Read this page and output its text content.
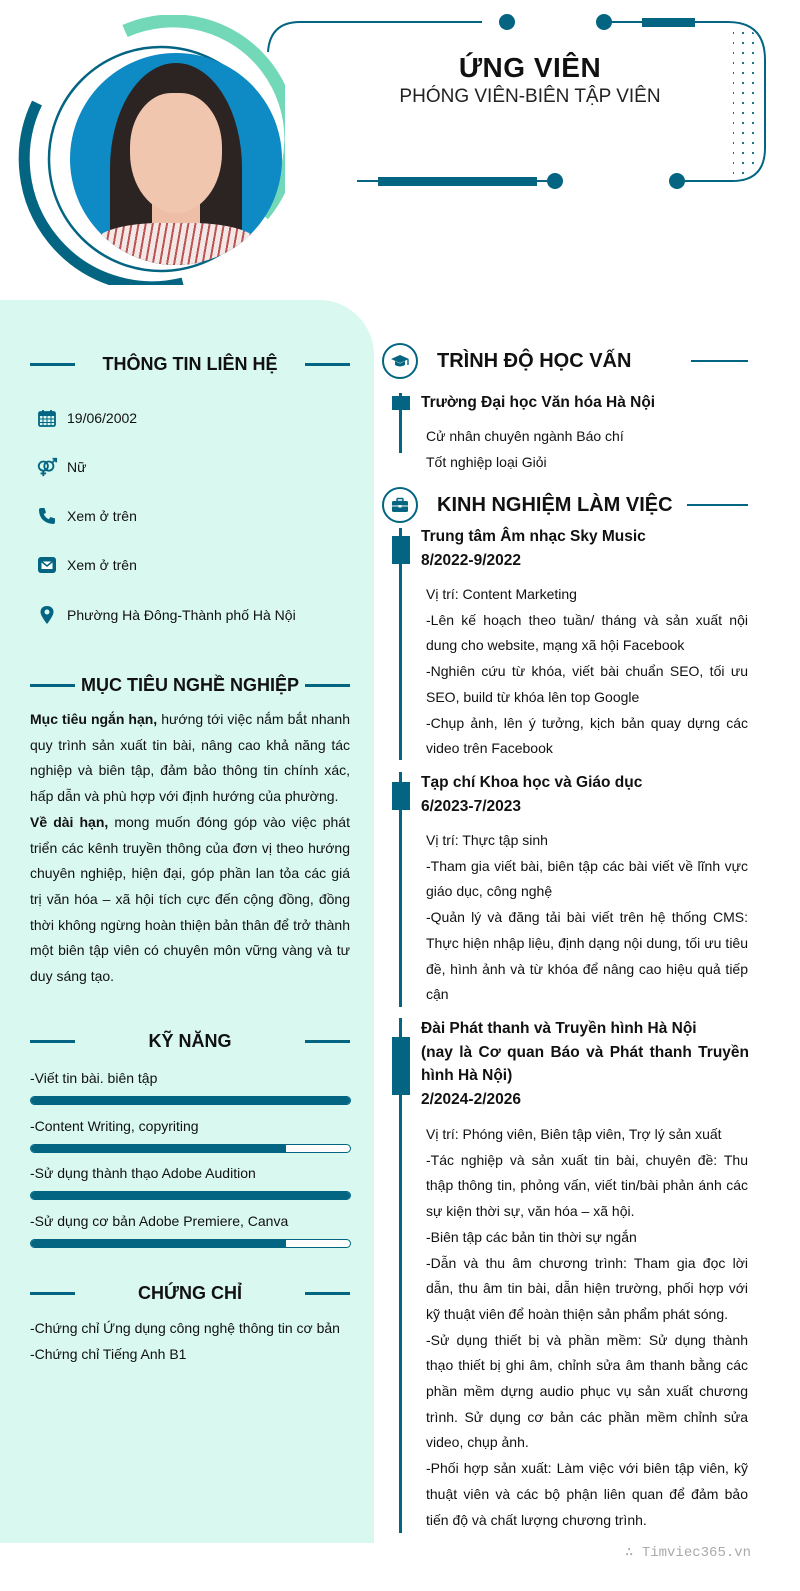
ỨNG VIÊN
PHÓNG VIÊN-BIÊN TẬP VIÊN
THÔNG TIN LIÊN HỆ
19/06/2002
Nữ
Xem ở trên
Xem ở trên
Phường Hà Đông-Thành phố Hà Nội
MỤC TIÊU NGHỀ NGHIỆP
Mục tiêu ngắn hạn, hướng tới việc nắm bắt nhanh quy trình sản xuất tin bài, nâng cao khả năng tác nghiệp và biên tập, đảm bảo thông tin chính xác, hấp dẫn và phù hợp với định hướng của phường.
Về dài hạn, mong muốn đóng góp vào việc phát triển các kênh truyền thông của đơn vị theo hướng chuyên nghiệp, hiện đại, góp phần lan tỏa các giá trị văn hóa – xã hội tích cực đến cộng đồng, đồng thời không ngừng hoàn thiện bản thân để trở thành một biên tập viên có chuyên môn vững vàng và tư duy sáng tạo.
KỸ NĂNG
-Viết tin bài. biên tập
-Content Writing, copyriting
-Sử dụng thành thạo Adobe Audition
-Sử dụng cơ bản Adobe Premiere, Canva
CHỨNG CHỈ
-Chứng chỉ Ứng dụng công nghệ thông tin cơ bản
-Chứng chỉ Tiếng Anh B1
TRÌNH ĐỘ HỌC VẤN
Trường Đại học Văn hóa Hà Nội
Cử nhân chuyên ngành Báo chí
Tốt nghiệp loại Giỏi
KINH NGHIỆM LÀM VIỆC
Trung tâm Âm nhạc Sky Music
8/2022-9/2022
Vị trí: Content Marketing
-Lên kế hoạch theo tuần/ tháng và sản xuất nội dung cho website, mạng xã hội Facebook
-Nghiên cứu từ khóa, viết bài chuẩn SEO, tối ưu SEO, build từ khóa lên top Google
-Chụp ảnh, lên ý tưởng, kịch bản quay dựng các video trên Facebook
Tạp chí Khoa học và Giáo dục
6/2023-7/2023
Vị trí: Thực tập sinh
-Tham gia viết bài, biên tập các bài viết về lĩnh vực giáo dục, công nghệ
-Quản lý và đăng tải bài viết trên hệ thống CMS: Thực hiện nhập liệu, định dạng nội dung, tối ưu tiêu đề, hình ảnh và từ khóa để nâng cao hiệu quả tiếp cận
Đài Phát thanh và Truyền hình Hà Nội
(nay là Cơ quan Báo và Phát thanh Truyền hình Hà Nội)
2/2024-2/2026
Vị trí: Phóng viên, Biên tập viên, Trợ lý sản xuất
-Tác nghiệp và sản xuất tin bài, chuyên đề: Thu thập thông tin, phỏng vấn, viết tin/bài phản ánh các sự kiện thời sự, văn hóa – xã hội.
-Biên tập các bản tin thời sự ngắn
-Dẫn và thu âm chương trình: Tham gia đọc lời dẫn, thu âm tin bài, dẫn hiện trường, phối hợp với kỹ thuật viên để hoàn thiện sản phẩm phát sóng.
-Sử dụng thiết bị và phần mềm: Sử dụng thành thạo thiết bị ghi âm, chỉnh sửa âm thanh bằng các phần mềm dựng audio phục vụ sản xuất chương trình. Sử dụng cơ bản các phần mềm chỉnh sửa video, chụp ảnh.
-Phối hợp sản xuất: Làm việc với biên tập viên, kỹ thuật viên và các bộ phận liên quan để đảm bảo tiến độ và chất lượng chương trình.
∴ Timviec365.vn
